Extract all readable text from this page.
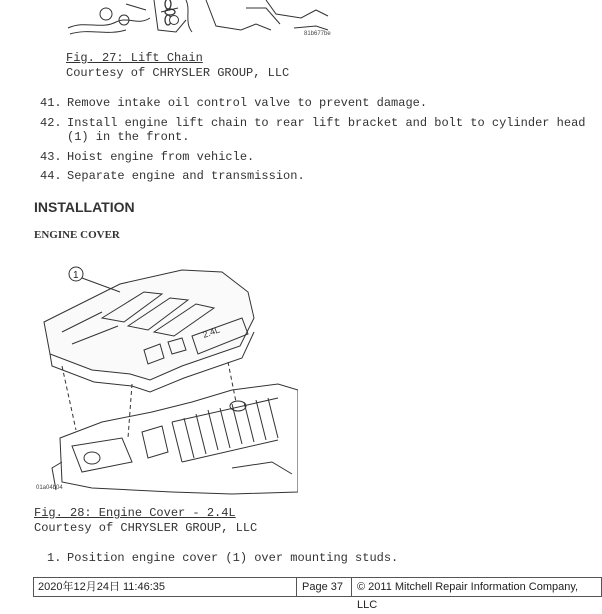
81b677be
Fig. 27: Lift Chain
Courtesy of CHRYSLER GROUP, LLC
41. Remove intake oil control valve to prevent damage.
42. Install engine lift chain to rear lift bracket and bolt to cylinder head (1) in the front.
43. Hoist engine from vehicle.
44. Separate engine and transmission.
INSTALLATION
ENGINE COVER
2.4L
1
01a04b04
Fig. 28: Engine Cover - 2.4L
Courtesy of CHRYSLER GROUP, LLC
1. Position engine cover (1) over mounting studs.
2020年12月24日 11:46:35	Page 37 © 2011 Mitchell Repair Information Company, LLC
